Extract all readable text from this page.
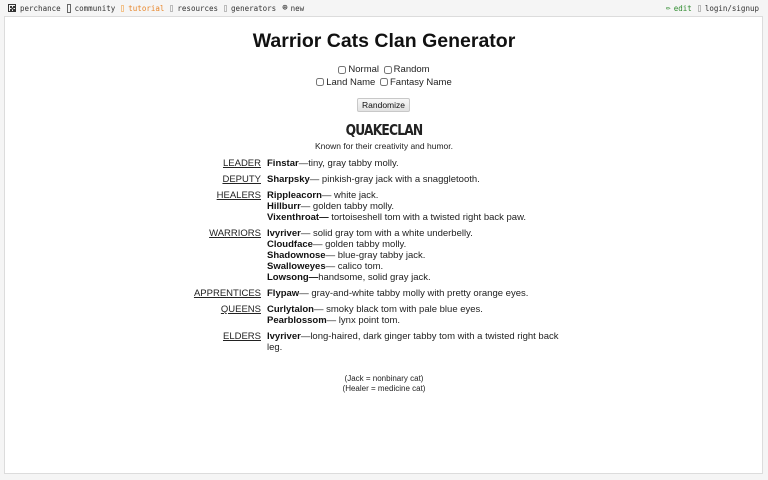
perchance community tutorial resources generators ⊕ new	✏ edit login/signup
Warrior Cats Clan Generator
Normal
Random
Land Name
Fantasy Name
Randomize
QUAKECLAN
Known for their creativity and humor.
LEADER Finstar—tiny, gray tabby molly.
DEPUTY Sharpsky— pinkish-gray jack with a snaggletooth.
HEALERS Rippleacorn— white jack.
Hillburr— golden tabby molly.
Vixenthroat— tortoiseshell tom with a twisted right back paw.
WARRIORS Ivyriver— solid gray tom with a white underbelly.
Cloudface— golden tabby molly.
Shadownose— blue-gray tabby jack.
Swalloweyes— calico tom.
Lowsong—handsome, solid gray jack.
APPRENTICES Flypaw— gray-and-white tabby molly with pretty orange eyes.
QUEENS Curlytalon— smoky black tom with pale blue eyes.
Pearblossom— lynx point tom.
ELDERS Ivyriver—long-haired, dark ginger tabby tom with a twisted right back leg.
(Jack = nonbinary cat)
(Healer = medicine cat)
